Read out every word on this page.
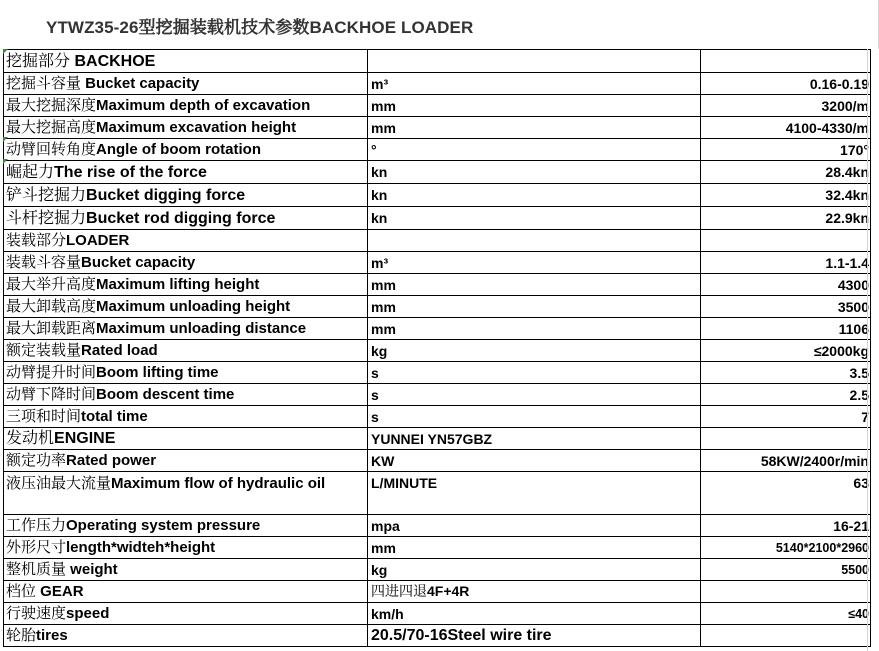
YTWZ35-26型挖掘装载机技术参数BACKHOE LOADER
挖掘部分 BACKHOE		
挖掘斗容量 Bucket capacity	m³	0.16-0.19
最大挖掘深度Maximum depth of excavation	mm	3200/m
最大挖掘高度Maximum excavation height	mm	4100-4330/m
动臂回转角度Angle of boom rotation	°	170°
崛起力The rise of the force	kn	28.4kn
铲斗挖掘力Bucket digging force	kn	32.4kn
斗杆挖掘力Bucket rod digging force	kn	22.9kn
装载部分LOADER		
装载斗容量Bucket capacity	m³	1.1-1.4
最大举升高度Maximum lifting height	mm	4300
最大卸载高度Maximum unloading height	mm	3500
最大卸载距离Maximum unloading distance	mm	1106
额定装载量Rated load	kg	≤2000kg
动臂提升时间Boom lifting time	s	3.5
动臂下降时间Boom descent time	s	2.5
三项和时间total time	s	7
发动机ENGINE	YUNNEI YN57GBZ	
额定功率Rated power	KW	58KW/2400r/min
液压油最大流量Maximum flow of hydraulic oil	L/MINUTE	63
工作压力Operating system pressure	mpa	16-21
外形尺寸length*widteh*height	mm	5140*2100*2960
整机质量 weight	kg	5500
档位 GEAR	四进四退4F+4R	
行驶速度speed	km/h	≤40
轮胎tires	20.5/70-16Steel wire tire	
